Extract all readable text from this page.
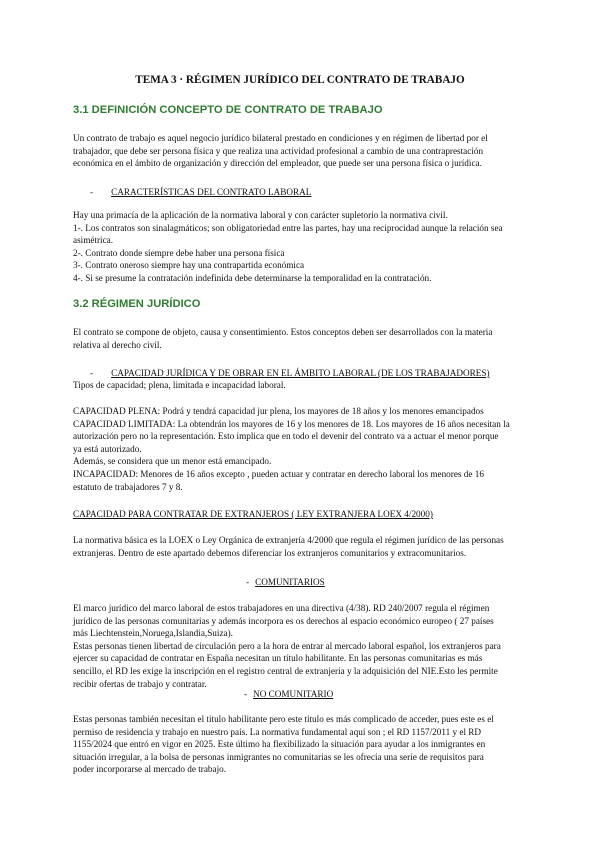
TEMA 3 · RÉGIMEN JURÍDICO DEL CONTRATO DE TRABAJO
3.1 DEFINICIÓN CONCEPTO DE CONTRATO DE TRABAJO
Un contrato de trabajo es aquel negocio jurídico bilateral prestado en condiciones y en régimen de libertad por el
trabajador, que debe ser persona física y que realiza una actividad profesional a cambio de una contraprestación
económica en el ámbito de organización y dirección del empleador, que puede ser una persona física o jurídica.
- CARACTERÍSTICAS DEL CONTRATO LABORAL
Hay una primacía de la aplicación de la normativa laboral y con carácter supletorio la normativa civil.
1-. Los contratos son sinalagmáticos; son obligatoriedad entre las partes, hay una reciprocidad aunque la relación sea
asimétrica.
2-. Contrato donde siempre debe haber una persona física
3-. Contrato oneroso siempre hay una contrapartida económica
4-. Si se presume la contratación indefinida debe determinarse la temporalidad en la contratación.
3.2 RÉGIMEN JURÍDICO
El contrato se compone de objeto, causa y consentimiento. Estos conceptos deben ser desarrollados con la materia
relativa al derecho civil.
- CAPACIDAD JURÍDICA Y DE OBRAR EN EL ÁMBITO LABORAL (DE LOS TRABAJADORES)
Tipos de capacidad; plena, limitada e incapacidad laboral.
CAPACIDAD PLENA: Podrá y tendrá capacidad jur plena, los mayores de 18 años y los menores emancipados
CAPACIDAD LIMITADA: La obtendrán los mayores de 16 y los menores de 18. Los mayores de 16 años necesitan la
autorización pero no la representación. Esto implica que en todo el devenir del contrato va a actuar el menor porque
ya está autorizado.
Además, se considera que un menor está emancipado.
INCAPACIDAD: Menores de 16 años excepto , pueden actuar y contratar en derecho laboral los menores de 16
estatuto de trabajadores 7 y 8.
CAPACIDAD PARA CONTRATAR DE EXTRANJEROS ( LEY EXTRANJERA LOEX 4/2000)
La normativa básica es la LOEX o Ley Orgánica de extranjería 4/2000 que regula el régimen jurídico de las personas
extranjeras. Dentro de este apartado debemos diferenciar los extranjeros comunitarios y extracomunitarios.
- COMUNITARIOS
El marco jurídico del marco laboral de estos trabajadores en una directiva (4/38). RD 240/2007 regula el régimen
jurídico de las personas comunitarias y además incorpora es os derechos al espacio económico europeo ( 27 países
más Liechtenstein,Noruega,Islandia,Suiza).
Estas personas tienen libertad de circulación pero a la hora de entrar al mercado laboral español, los extranjeros para
ejercer su capacidad de contratar en España necesitan un título habilitante. En las personas comunitarias es más
sencillo, el RD les exige la inscripción en el registro central de extranjería y la adquisición del NIE.Esto les permite
recibir ofertas de trabajo y contratar.
- NO COMUNITARIO
Estas personas también necesitan el título habilitante pero este título es más complicado de acceder, pues este es el
permiso de residencia y trabajo en nuestro país. La normativa fundamental aquí son ; el RD 1157/2011 y el RD
1155/2024 que entró en vigor en 2025. Este último ha flexibilizado la situación para ayudar a los inmigrantes en
situación irregular, a la bolsa de personas inmigrantes no comunitarias se les ofrecía una serie de requisitos para
poder incorporarse al mercado de trabajo.
